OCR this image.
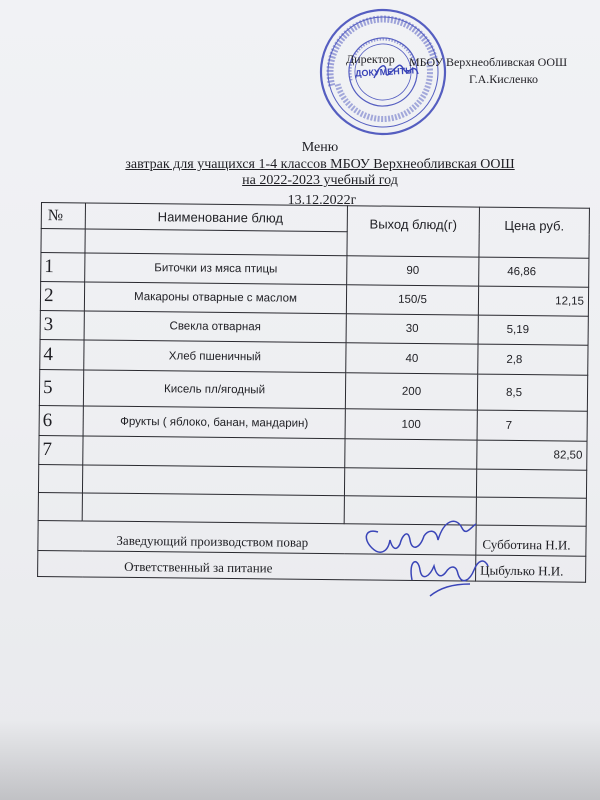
ДОКУМЕНТЫ
Директор МБОУ Верхнеобливская ООШ
Г.А.Кисленко
Меню
завтрак для учащихся 1-4 классов МБОУ Верхнеобливская ООШ
на 2022-2023 учебный год
13.12.2022г
№	Наименование блюд	Выход блюд(г)	Цена руб.

1	Биточки из мяса птицы	90	46,86
2	Макароны отварные с маслом	150/5	12,15
3	Свекла отварная	30	5,19
4	Хлеб пшеничный	40	2,8
5	Кисель пл/ягодный	200	8,5
6	Фрукты ( яблоко, банан, мандарин)	100	7
7			82,50

Заведующий производством повар			Субботина Н.И.
Ответственный за питание			Цыбулько Н.И.
